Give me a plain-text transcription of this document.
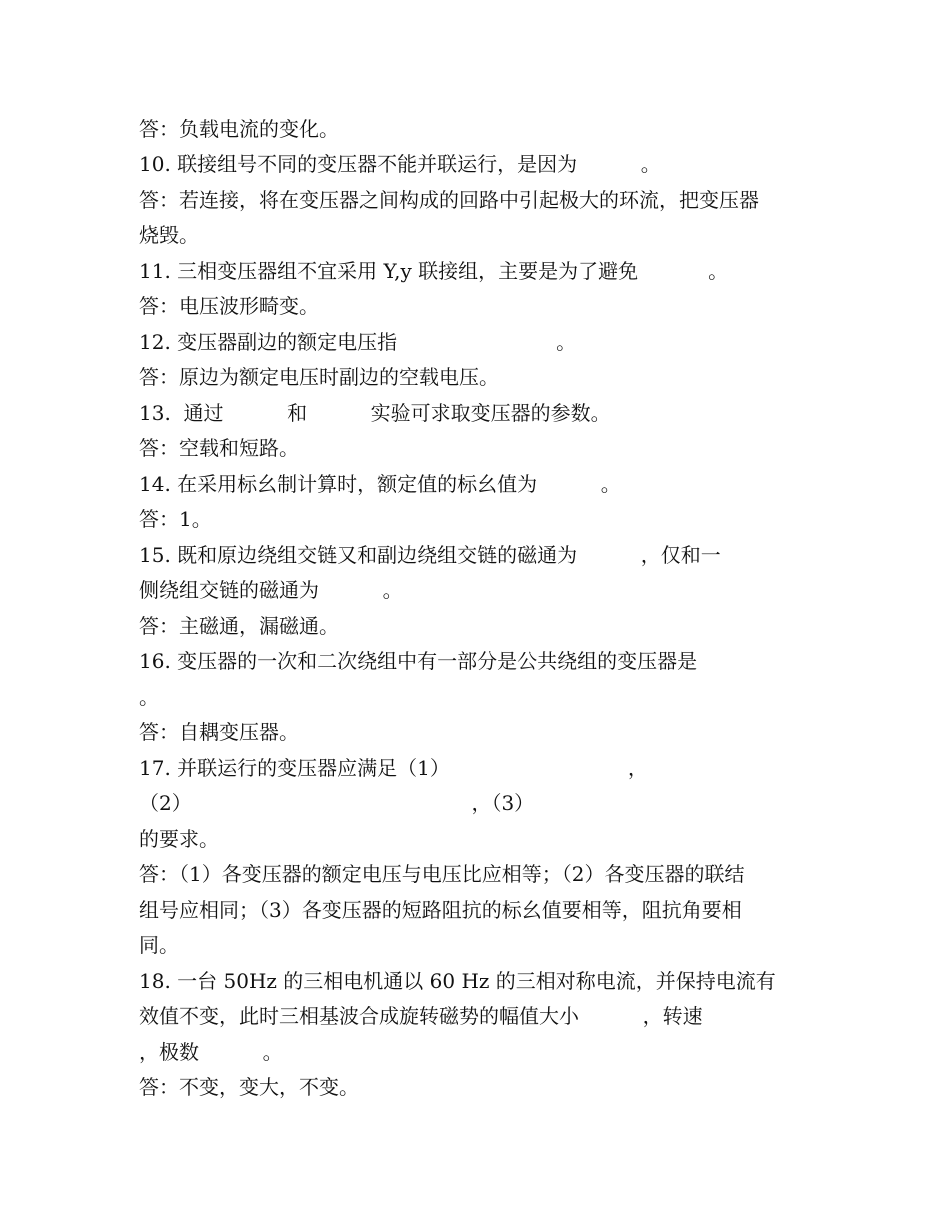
答：负载电流的变化。

10. 联接组号不同的变压器不能并联运行，是因为          。

答：若连接，将在变压器之间构成的回路中引起极大的环流，把变压器

烧毁。

11. 三相变压器组不宜采用 Y,y 联接组，主要是为了避免           。

答：电压波形畸变。

12. 变压器副边的额定电压指                         。

答：原边为额定电压时副边的空载电压。

13.  通过          和          实验可求取变压器的参数。

答：空载和短路。

14. 在采用标幺制计算时，额定值的标幺值为          。

答：1。

15. 既和原边绕组交链又和副边绕组交链的磁通为          ，仅和一

侧绕组交链的磁通为          。

答：主磁通，漏磁通。

16. 变压器的一次和二次绕组中有一部分是公共绕组的变压器是

。

答：自耦变压器。

17. 并联运行的变压器应满足（1）                            ，

（2）                                            ，（3）

的要求。

答：（1）各变压器的额定电压与电压比应相等；（2）各变压器的联结

组号应相同；（3）各变压器的短路阻抗的标幺值要相等，阻抗角要相

同。

18. 一台 50Hz 的三相电机通以 60 Hz 的三相对称电流，并保持电流有

效值不变，此时三相基波合成旋转磁势的幅值大小          ，转速

，极数          。

答：不变，变大，不变。
